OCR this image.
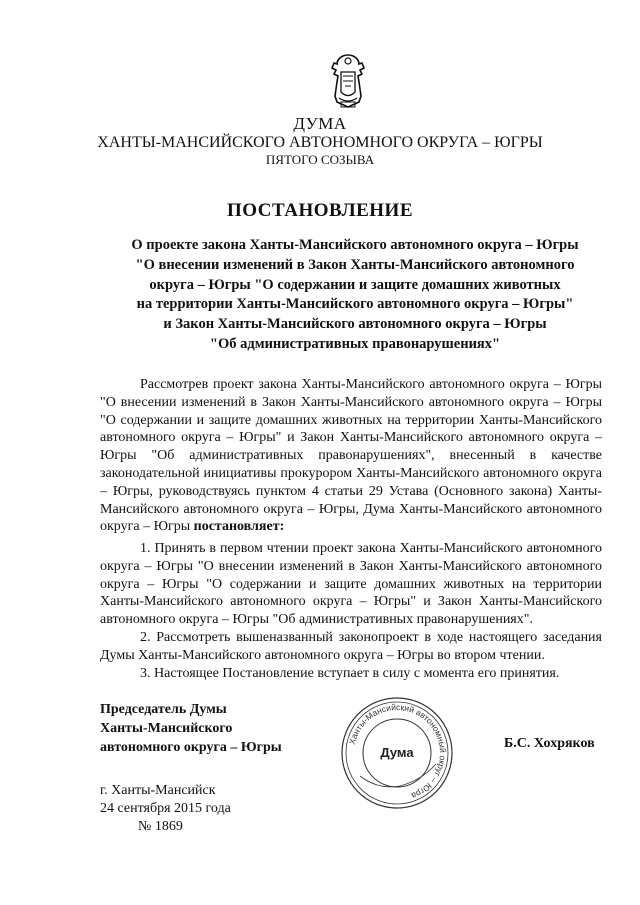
ДУМА
ХАНТЫ-МАНСИЙСКОГО АВТОНОМНОГО ОКРУГА – ЮГРЫ
ПЯТОГО СОЗЫВА
ПОСТАНОВЛЕНИЕ
О проекте закона Ханты-Мансийского автономного округа – Югры
"О внесении изменений в Закон Ханты-Мансийского автономного
округа – Югры "О содержании и защите домашних животных
на территории Ханты-Мансийского автономного округа – Югры"
и Закон Ханты-Мансийского автономного округа – Югры
"Об административных правонарушениях"

Рассмотрев проект закона Ханты-Мансийского автономного округа – Югры "О внесении изменений в Закон Ханты-Мансийского автономного округа – Югры "О содержании и защите домашних животных на территории Ханты-Мансийского автономного округа – Югры" и Закон Ханты-Мансийского автономного округа – Югры "Об административных правонарушениях", внесенный в качестве законодательной инициативы прокурором Ханты-Мансийского автономного округа – Югры, руководствуясь пунктом 4 статьи 29 Устава (Основного закона) Ханты-Мансийского автономного округа – Югры, Дума Ханты-Мансийского автономного округа – Югры постановляет:

1. Принять в первом чтении проект закона Ханты-Мансийского автономного округа – Югры "О внесении изменений в Закон Ханты-Мансийского автономного округа – Югры "О содержании и защите домашних животных на территории Ханты-Мансийского автономного округа – Югры" и Закон Ханты-Мансийского автономного округа – Югры "Об административных правонарушениях".

2. Рассмотреть вышеназванный законопроект в ходе настоящего заседания Думы Ханты-Мансийского автономного округа – Югры во втором чтении.

3. Настоящее Постановление вступает в силу с момента его принятия.

Председатель Думы
Ханты-Мансийского
автономного округа – Югры	Ханты-Мансийский автономный округ – Югра
Дума
Б.С. Хохряков
г. Ханты-Мансийск
24 сентября 2015 года
№ 1869
